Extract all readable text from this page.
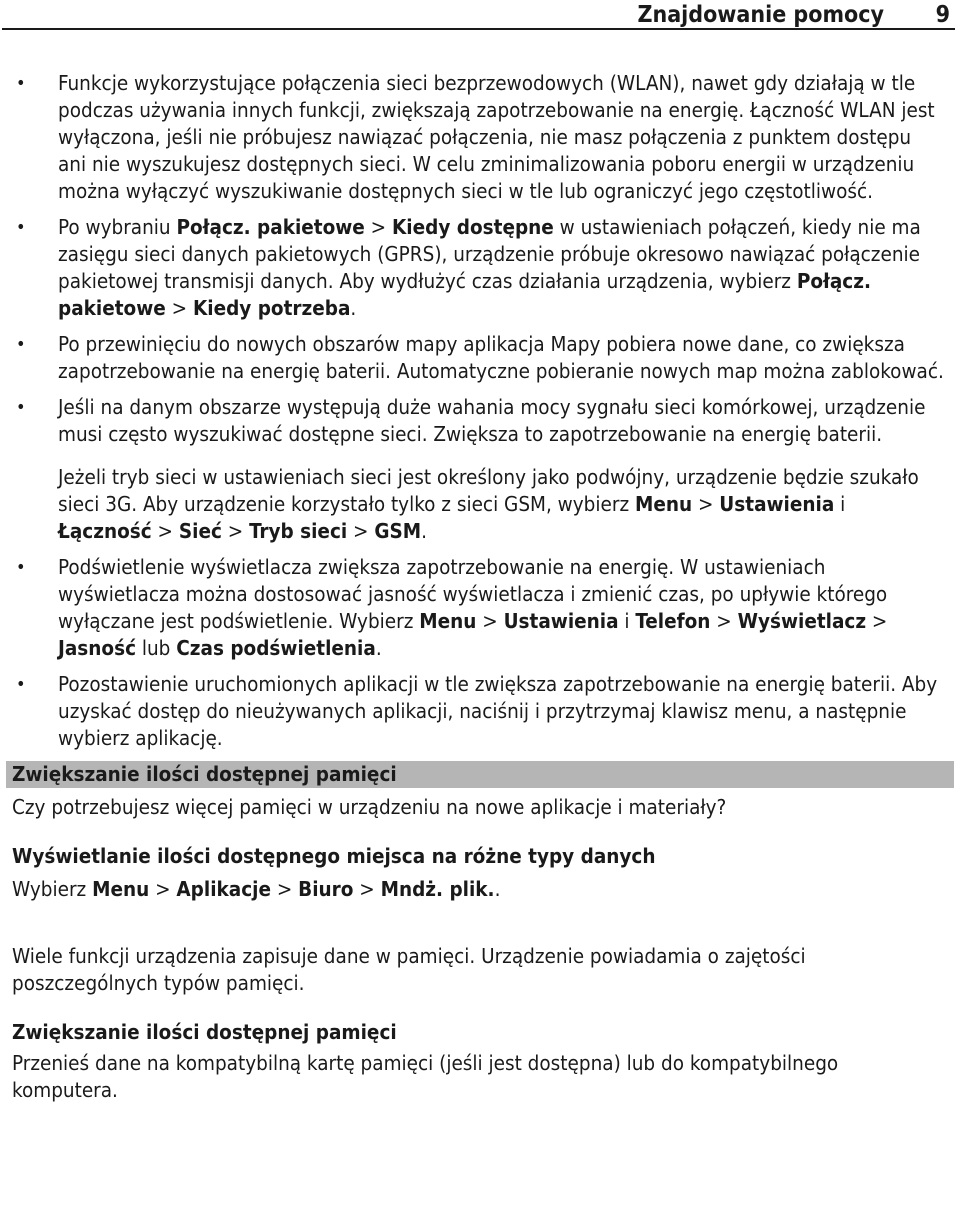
Znajdowanie pomocy 9
• Funkcje wykorzystujące połączenia sieci bezprzewodowych (WLAN), nawet gdy działają w tle podczas używania innych funkcji, zwiększają zapotrzebowanie na energię. Łączność WLAN jest wyłączona, jeśli nie próbujesz nawiązać połączenia, nie masz połączenia z punktem dostępu ani nie wyszukujesz dostępnych sieci. W celu zminimalizowania poboru energii w urządzeniu można wyłączyć wyszukiwanie dostępnych sieci w tle lub ograniczyć jego częstotliwość.
• Po wybraniu Połącz. pakietowe > Kiedy dostępne w ustawieniach połączeń, kiedy nie ma zasięgu sieci danych pakietowych (GPRS), urządzenie próbuje okresowo nawiązać połączenie pakietowej transmisji danych. Aby wydłużyć czas działania urządzenia, wybierz Połącz. pakietowe > Kiedy potrzeba.
• Po przewinięciu do nowych obszarów mapy aplikacja Mapy pobiera nowe dane, co zwiększa zapotrzebowanie na energię baterii. Automatyczne pobieranie nowych map można zablokować.
• Jeśli na danym obszarze występują duże wahania mocy sygnału sieci komórkowej, urządzenie musi często wyszukiwać dostępne sieci. Zwiększa to zapotrzebowanie na energię baterii.

Jeżeli tryb sieci w ustawieniach sieci jest określony jako podwójny, urządzenie będzie szukało sieci 3G. Aby urządzenie korzystało tylko z sieci GSM, wybierz Menu > Ustawienia i Łączność > Sieć > Tryb sieci > GSM.

• Podświetlenie wyświetlacza zwiększa zapotrzebowanie na energię. W ustawieniach wyświetlacza można dostosować jasność wyświetlacza i zmienić czas, po upływie którego wyłączane jest podświetlenie. Wybierz Menu > Ustawienia i Telefon > Wyświetlacz > Jasność lub Czas podświetlenia.
• Pozostawienie uruchomionych aplikacji w tle zwiększa zapotrzebowanie na energię baterii. Aby uzyskać dostęp do nieużywanych aplikacji, naciśnij i przytrzymaj klawisz menu, a następnie wybierz aplikację.
Zwiększanie ilości dostępnej pamięci

Czy potrzebujesz więcej pamięci w urządzeniu na nowe aplikacje i materiały?

Wyświetlanie ilości dostępnego miejsca na różne typy danych

Wybierz Menu > Aplikacje > Biuro > Mndż. plik..

Wiele funkcji urządzenia zapisuje dane w pamięci. Urządzenie powiadamia o zajętości poszczególnych typów pamięci.

Zwiększanie ilości dostępnej pamięci

Przenieś dane na kompatybilną kartę pamięci (jeśli jest dostępna) lub do kompatybilnego komputera.
